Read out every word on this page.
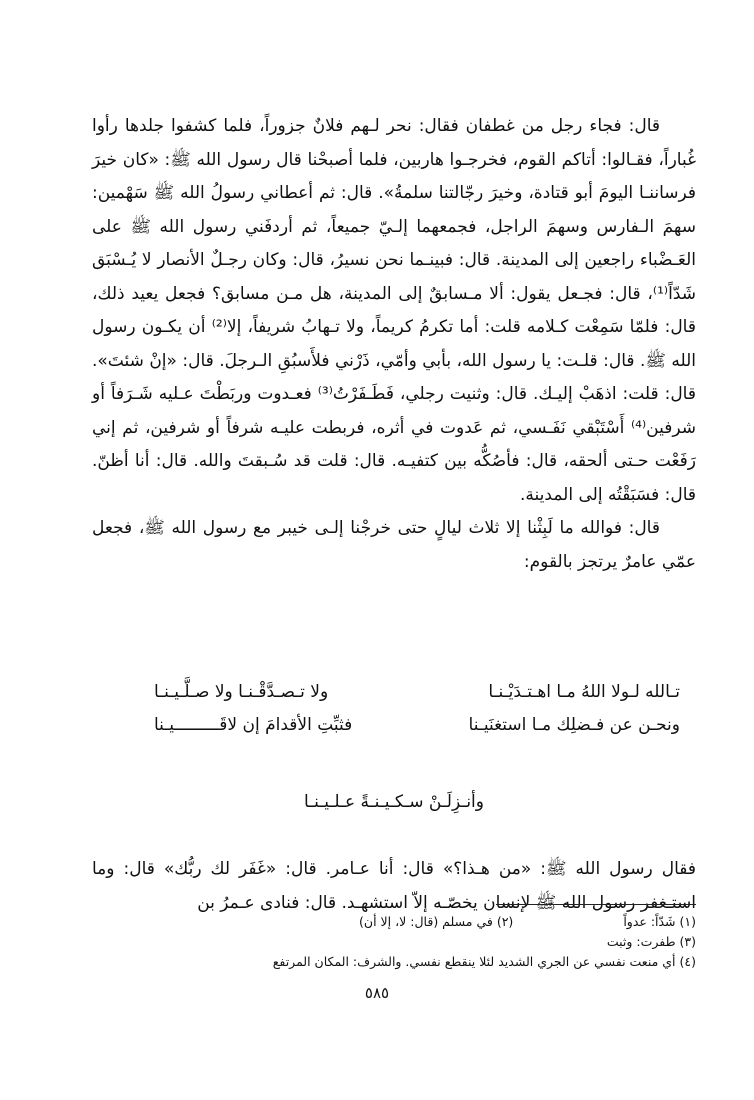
قال: فجاء رجل من غطفان فقال: نحر لـهم فلانٌ جزوراً، فلما كشفوا جلدها رأوا غُباراً، فقـالوا: أتاكم القوم، فخرجـوا هاربين، فلما أصبحْنا قال رسول الله ﷺ: «كان خيرَ فرساننـا اليومَ أبو قتادة، وخيرَ رجّالتنا سلمةُ». قال: ثم أعطاني رسولُ الله ﷺ سَهْمين: سهمَ الـفارس وسهمَ الراجل، فجمعهما إلـيّ جميعاً، ثم أردفَني رسول الله ﷺ على العَـضْباء راجعين إلى المدينة. قال: فبينـما نحن نسيرُ، قال: وكان رجـلٌ الأنصار لا يُـسْبَق شَدّاً⁽¹⁾، قال: فجـعل يقول: ألا مـسابقٌ إلى المدينة، هل مـن مسابق؟ فجعل يعيد ذلك، قال: فلمّا سَمِعْت كـلامه قلت: أما تكرمُ كريماً، ولا تـهابُ شريفاً، إلا⁽²⁾ أن يكـون رسول الله ﷺ. قال: قلـت: يا رسول الله، بأبي وأمّي، ذَرْني فلأَسبُقِ الـرجلَ. قال: «إنْ شئتَ». قال: قلت: اذهَبْ إليـك. قال: وثنيت رجلي، فَطَـفَرْتُ⁽³⁾ فعـدوت وربَطْتَ عـليه شَـرَفاً أو شرفين⁽⁴⁾ أَسْتَبْقي نَفَـسي، ثم عَدوت في أثره، فربطت عليـه شرفاً أو شرفين، ثم إني رَفَعْت حـتى ألحقه، قال: فأصُكُّه بين كتفيـه. قال: قلت قد سُـبقتَ والله. قال: أنا أظنّ. قال: فسَبَقْتُه إلى المدينة.

قال: فوالله ما لَبِثْنا إلا ثلاث ليالٍ حتى خرجْنا إلـى خيبر مع رسول الله ﷺ، فجعل عمّي عامرٌ يرتجز بالقوم:

تـالله لـولا اللهُ مـا اهـتـدَيْـنـا
ولا تـصـدَّقْـنـا ولا صـلَّـيـنـا
ونحـن عن فـضلِك مـا استغنَيـنا
فثبِّتِ الأقدامَ إن لاقَـــــــــيـنا
وأنـزِلَـنْ سـكـيـنـةً عـلـيـنـا

فقال رسول الله ﷺ: «من هـذا؟» قال: أنا عـامر. قال: «غَفَر لك ربُّك» قال: وما استـغفر رسول الله ﷺ لإنسان يخصّـه إلاّ استشهـد. قال: فنادى عـمرُ بن

(١) شَدّاً: عدواً
(٢) في مسلم (قال: لا، إلا أن)
(٣) طفرت: وثبت
(٤) أي منعت نفسي عن الجري الشديد لئلا ينقطع نفسي. والشرف: المكان المرتفع
٥٨٥
